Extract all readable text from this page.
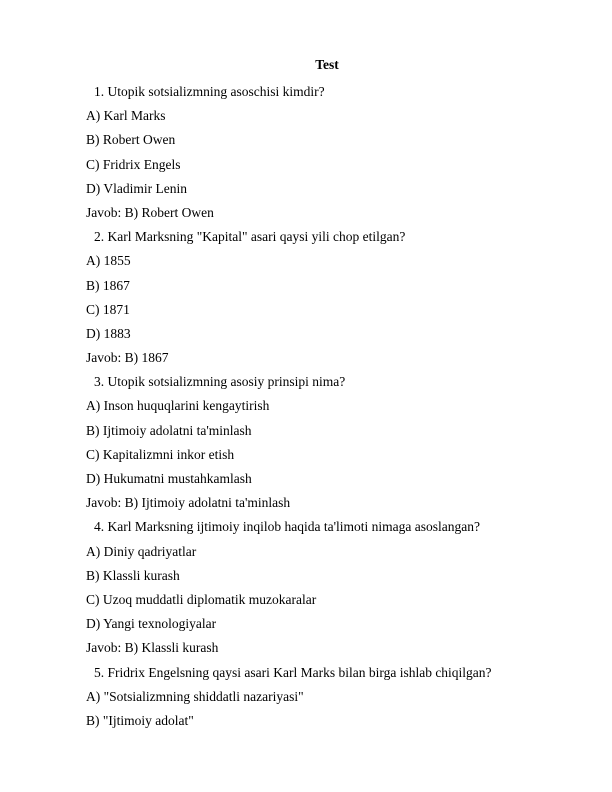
Test
1. Utopik sotsializmning asoschisi kimdir?
A) Karl Marks
B) Robert Owen
C) Fridrix Engels
D) Vladimir Lenin
Javob: B) Robert Owen
2. Karl Marksning "Kapital" asari qaysi yili chop etilgan?
A) 1855
B) 1867
C) 1871
D) 1883
Javob: B) 1867
3. Utopik sotsializmning asosiy prinsipi nima?
A) Inson huquqlarini kengaytirish
B) Ijtimoiy adolatni ta'minlash
C) Kapitalizmni inkor etish
D) Hukumatni mustahkamlash
Javob: B) Ijtimoiy adolatni ta'minlash
4. Karl Marksning ijtimoiy inqilob haqida ta'limoti nimaga asoslangan?
A) Diniy qadriyatlar
B) Klassli kurash
C) Uzoq muddatli diplomatik muzokaralar
D) Yangi texnologiyalar
Javob: B) Klassli kurash
5. Fridrix Engelsning qaysi asari Karl Marks bilan birga ishlab chiqilgan?
A) "Sotsializmning shiddatli nazariyasi"
B) "Ijtimoiy adolat"
